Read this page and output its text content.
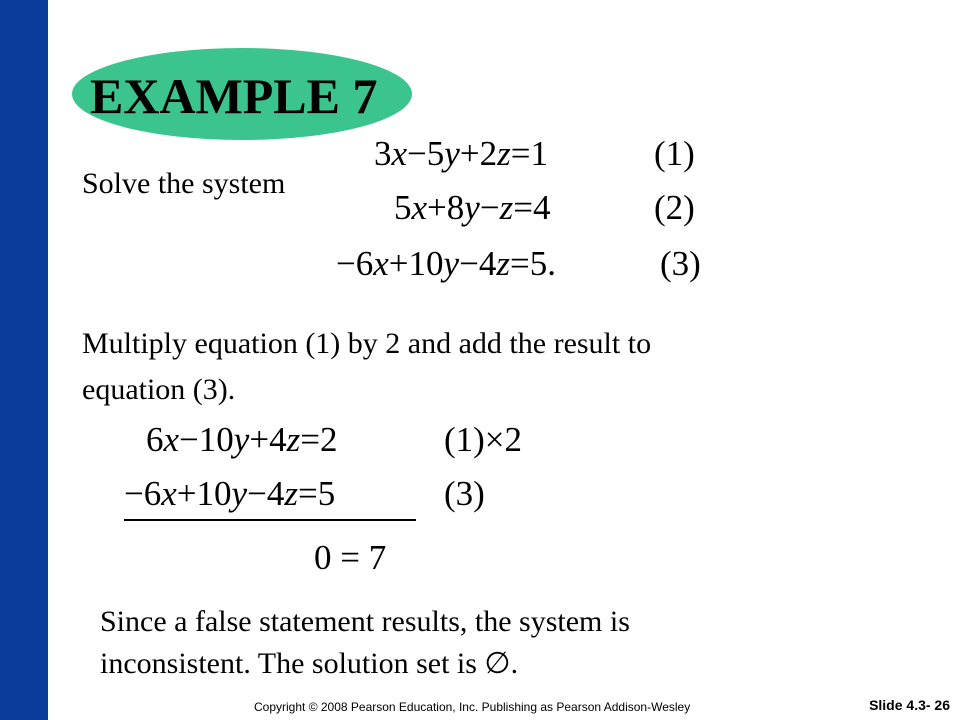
EXAMPLE 7
Solve the system
3x−5y+2z=1	(1)
5x+8y−z=4	(2)
−6x+10y−4z=5.	(3)
Multiply equation (1) by 2 and add the result to
equation (3).
6x−10y+4z=2	(1)×2
−6x+10y−4z=5	(3)
0 = 7
Since a false statement results, the system is
inconsistent. The solution set is ∅.
Copyright © 2008 Pearson Education, Inc. Publishing as Pearson Addison-Wesley	Slide 4.3- 26
